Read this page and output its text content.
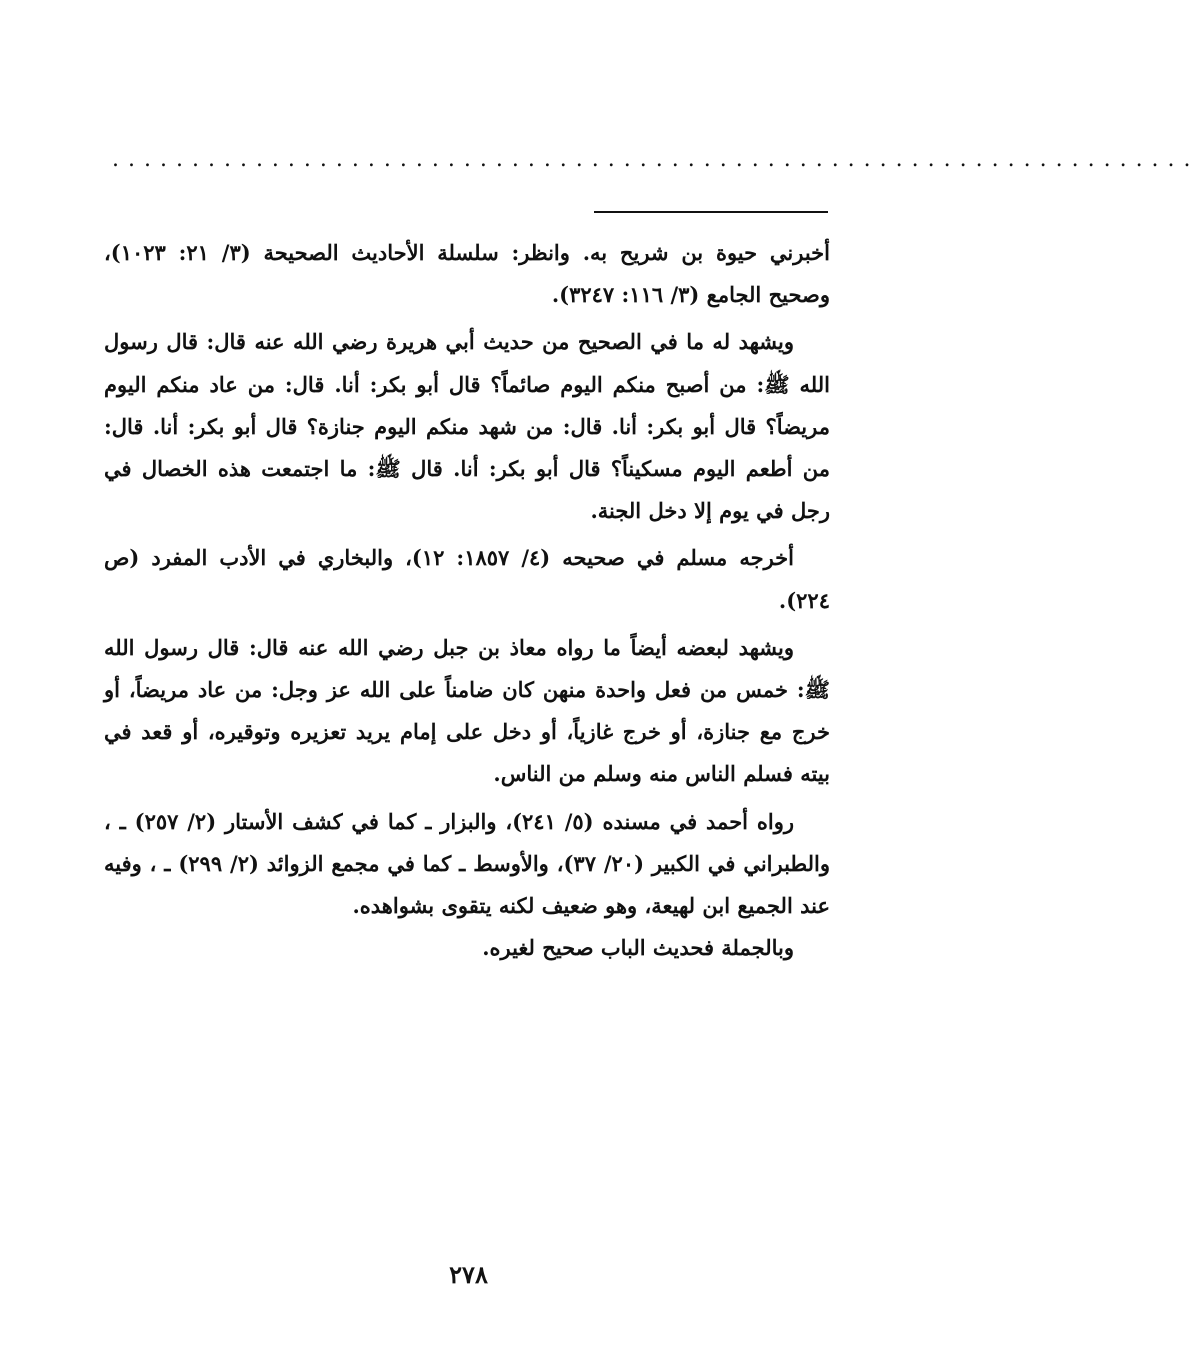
....................................................................

أخبرني حيوة بن شريح به. وانظر: سلسلة الأحاديث الصحيحة (٣/ ٢١: ١٠٢٣)، وصحيح الجامع (٣/ ١١٦: ٣٢٤٧).

ويشهد له ما في الصحيح من حديث أبي هريرة رضي الله عنه قال: قال رسول الله ﷺ: من أصبح منكم اليوم صائماً؟ قال أبو بكر: أنا. قال: من عاد منكم اليوم مريضاً؟ قال أبو بكر: أنا. قال: من شهد منكم اليوم جنازة؟ قال أبو بكر: أنا. قال: من أطعم اليوم مسكيناً؟ قال أبو بكر: أنا. قال ﷺ: ما اجتمعت هذه الخصال في رجل في يوم إلا دخل الجنة.

أخرجه مسلم في صحيحه (٤/ ١٨٥٧: ١٢)، والبخاري في الأدب المفرد (ص ٢٢٤).

ويشهد لبعضه أيضاً ما رواه معاذ بن جبل رضي الله عنه قال: قال رسول الله ﷺ: خمس من فعل واحدة منهن كان ضامناً على الله عز وجل: من عاد مريضاً، أو خرج مع جنازة، أو خرج غازياً، أو دخل على إمام يريد تعزيره وتوقيره، أو قعد في بيته فسلم الناس منه وسلم من الناس.

رواه أحمد في مسنده (٥/ ٢٤١)، والبزار ـ كما في كشف الأستار (٢/ ٢٥٧) ـ ، والطبراني في الكبير (٢٠/ ٣٧)، والأوسط ـ كما في مجمع الزوائد (٢/ ٢٩٩) ـ ، وفيه عند الجميع ابن لهيعة، وهو ضعيف لكنه يتقوى بشواهده.

وبالجملة فحديث الباب صحيح لغيره.

٢٧٨
